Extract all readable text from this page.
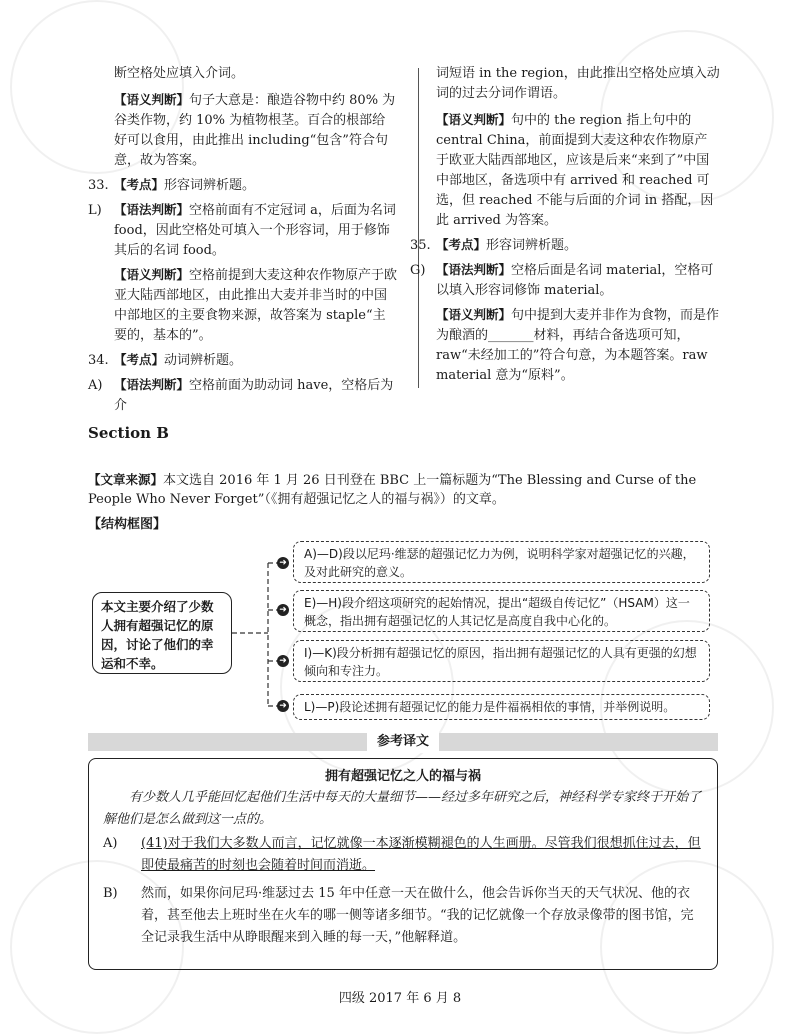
断空格处应填入介词。

【语义判断】句子大意是：酿造谷物中约 80% 为谷类作物，约 10% 为植物根茎。百合的根部给好可以食用，由此推出 including“包含”符合句意，故为答案。

33. 【考点】形容词辨析题。

L) 【语法判断】空格前面有不定冠词 a，后面为名词 food，因此空格处可填入一个形容词，用于修饰其后的名词 food。

【语义判断】空格前提到大麦这种农作物原产于欧亚大陆西部地区，由此推出大麦并非当时的中国中部地区的主要食物来源，故答案为 staple“主要的，基本的”。

34. 【考点】动词辨析题。

A) 【语法判断】空格前面为助动词 have，空格后为介

词短语 in the region，由此推出空格处应填入动词的过去分词作谓语。

【语义判断】句中的 the region 指上句中的 central China，前面提到大麦这种农作物原产于欧亚大陆西部地区，应该是后来“来到了”中国中部地区，备选项中有 arrived 和 reached 可选，但 reached 不能与后面的介词 in 搭配，因此 arrived 为答案。

35. 【考点】形容词辨析题。

G) 【语法判断】空格后面是名词 material，空格可以填入形容词修饰 material。

【语义判断】句中提到大麦并非作为食物，而是作为酿酒的_______材料，再结合备选项可知，raw“未经加工的”符合句意，为本题答案。raw material 意为“原料”。

Section B
【文章来源】本文选自 2016 年 1 月 26 日刊登在 BBC 上一篇标题为“The Blessing and Curse of the People Who Never Forget”（《拥有超强记忆之人的福与祸》）的文章。
【结构框图】
本文主要介绍了少数人拥有超强记忆的原因，讨论了他们的幸运和不幸。
➜
A)—D)段以尼玛·维瑟的超强记忆力为例，说明科学家对超强记忆的兴趣，及对此研究的意义。
➜	E)—H)段介绍这项研究的起始情况，提出“超级自传记忆”（HSAM）这一概念，指出拥有超强记忆的人其记忆是高度自我中心化的。
➜
I)—K)段分析拥有超强记忆的原因，指出拥有超强记忆的人具有更强的幻想倾向和专注力。
➜	L)—P)段论述拥有超强记忆的能力是件福祸相依的事情，并举例说明。
参考译文
拥有超强记忆之人的福与祸
有少数人几乎能回忆起他们生活中每天的大量细节——经过多年研究之后，神经科学专家终于开始了解他们是怎么做到这一点的。
A) (41)对于我们大多数人而言，记忆就像一本逐渐模糊褪色的人生画册。尽管我们很想抓住过去，但即使最痛苦的时刻也会随着时间而消逝。
B) 然而，如果你问尼玛·维瑟过去 15 年中任意一天在做什么，他会告诉你当天的天气状况、他的衣着，甚至他去上班时坐在火车的哪一侧等诸多细节。“我的记忆就像一个存放录像带的图书馆，完全记录我生活中从睁眼醒来到入睡的每一天，”他解释道。
四级 2017 年 6 月 8
